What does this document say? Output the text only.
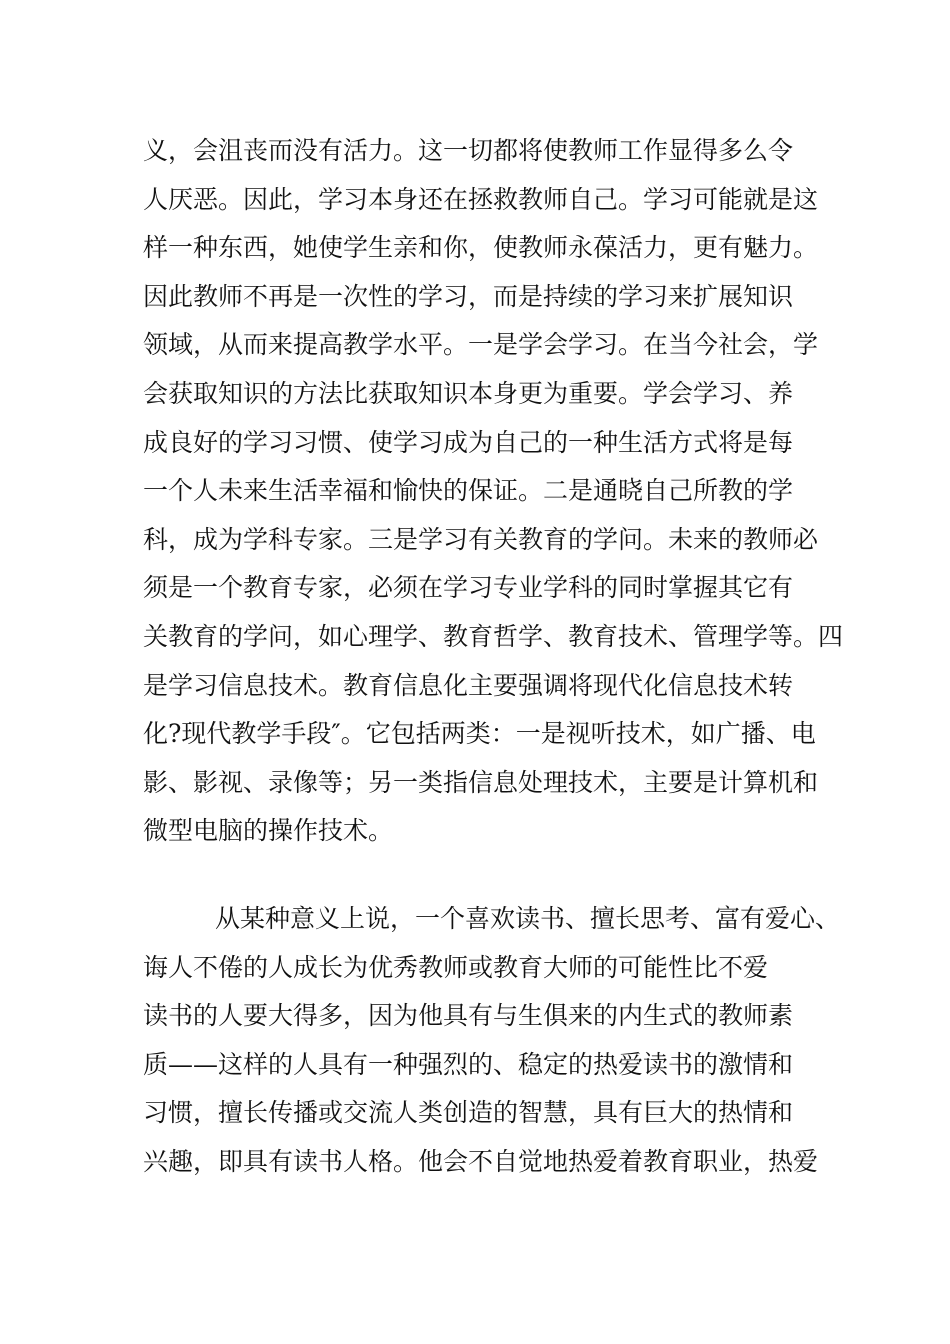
义，会沮丧而没有活力。这一切都将使教师工作显得多么令
人厌恶。因此，学习本身还在拯救教师自己。学习可能就是这
样一种东西，她使学生亲和你，使教师永葆活力，更有魅力。
因此教师不再是一次性的学习，而是持续的学习来扩展知识
领域，从而来提高教学水平。一是学会学习。在当今社会，学
会获取知识的方法比获取知识本身更为重要。学会学习、养
成良好的学习习惯、使学习成为自己的一种生活方式将是每
一个人未来生活幸福和愉快的保证。二是通晓自己所教的学
科，成为学科专家。三是学习有关教育的学问。未来的教师必
须是一个教育专家，必须在学习专业学科的同时掌握其它有
关教育的学问，如心理学、教育哲学、教育技术、管理学等。四
是学习信息技术。教育信息化主要强调将现代化信息技术转
化?现代教学手段″。它包括两类：一是视听技术，如广播、电
影、影视、录像等；另一类指信息处理技术，主要是计算机和
微型电脑的操作技术。
从某种意义上说，一个喜欢读书、擅长思考、富有爱心、
诲人不倦的人成长为优秀教师或教育大师的可能性比不爱
读书的人要大得多，因为他具有与生俱来的内生式的教师素
质——这样的人具有一种强烈的、稳定的热爱读书的激情和
习惯，擅长传播或交流人类创造的智慧，具有巨大的热情和
兴趣，即具有读书人格。他会不自觉地热爱着教育职业，热爱
